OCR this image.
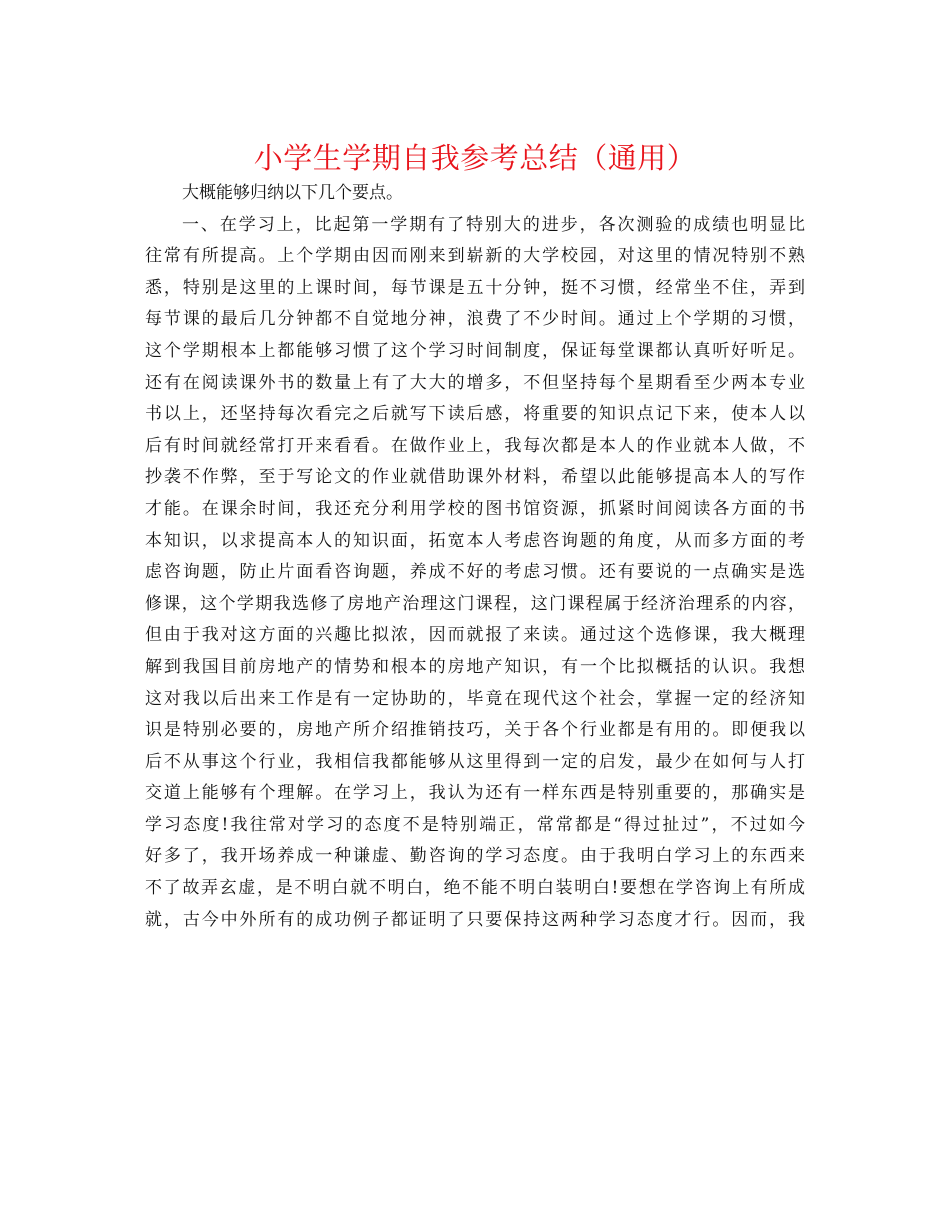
小学生学期自我参考总结（通用）
大概能够归纳以下几个要点。
一、在学习上，比起第一学期有了特别大的进步，各次测验的成绩也明显比
往常有所提高。上个学期由因而刚来到崭新的大学校园，对这里的情况特别不熟
悉，特别是这里的上课时间，每节课是五十分钟，挺不习惯，经常坐不住，弄到
每节课的最后几分钟都不自觉地分神，浪费了不少时间。通过上个学期的习惯，
这个学期根本上都能够习惯了这个学习时间制度，保证每堂课都认真听好听足。
还有在阅读课外书的数量上有了大大的增多，不但坚持每个星期看至少两本专业
书以上，还坚持每次看完之后就写下读后感，将重要的知识点记下来，使本人以
后有时间就经常打开来看看。在做作业上，我每次都是本人的作业就本人做，不
抄袭不作弊，至于写论文的作业就借助课外材料，希望以此能够提高本人的写作
才能。在课余时间，我还充分利用学校的图书馆资源，抓紧时间阅读各方面的书
本知识，以求提高本人的知识面，拓宽本人考虑咨询题的角度，从而多方面的考
虑咨询题，防止片面看咨询题，养成不好的考虑习惯。还有要说的一点确实是选
修课，这个学期我选修了房地产治理这门课程，这门课程属于经济治理系的内容，
但由于我对这方面的兴趣比拟浓，因而就报了来读。通过这个选修课，我大概理
解到我国目前房地产的情势和根本的房地产知识，有一个比拟概括的认识。我想
这对我以后出来工作是有一定协助的，毕竟在现代这个社会，掌握一定的经济知
识是特别必要的，房地产所介绍推销技巧，关于各个行业都是有用的。即便我以
后不从事这个行业，我相信我都能够从这里得到一定的启发，最少在如何与人打
交道上能够有个理解。在学习上，我认为还有一样东西是特别重要的，那确实是
学习态度!我往常对学习的态度不是特别端正，常常都是“得过扯过”，不过如今
好多了，我开场养成一种谦虚、勤咨询的学习态度。由于我明白学习上的东西来
不了故弄玄虚，是不明白就不明白，绝不能不明白装明白!要想在学咨询上有所成
就，古今中外所有的成功例子都证明了只要保持这两种学习态度才行。因而，我
